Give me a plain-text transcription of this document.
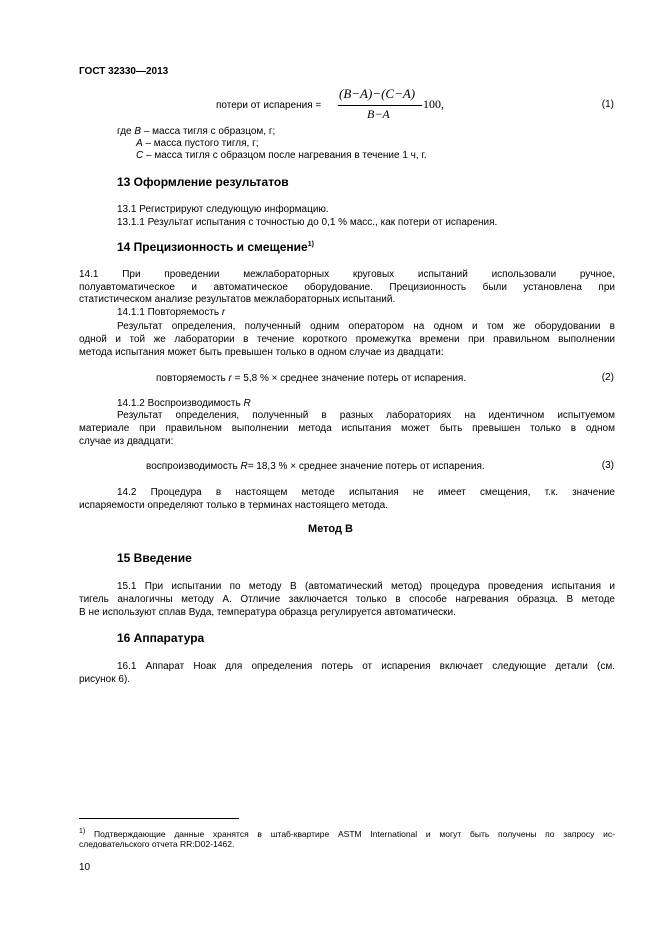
ГОСТ 32330—2013
потери от испарения =
(B−A)−(C−A)
B−A
100,	(1)
где B – масса тигля с образцом, г;
A – масса пустого тигля, г;
C – масса тигля с образцом после нагревания в течение 1 ч, г.
13 Оформление результатов
13.1 Регистрируют следующую информацию.
13.1.1 Результат испытания с точностью до 0,1 % масс., как потери от испарения.
14 Прецизионность и смещение$^{1)}$
14.1 При проведении межлабораторных круговых испытаний использовали ручное,
полуавтоматическое и автоматическое оборудование. Прецизионность были установлена при
статистическом анализе результатов межлабораторных испытаний.
14.1.1 Повторяемость r
Результат определения, полученный одним оператором на одном и том же оборудовании в
одной и той же лаборатории в течение короткого промежутка времени при правильном выполнении
метода испытания может быть превышен только в одном случае из двадцати:
повторяемость r = 5,8 % × среднее значение потерь от испарения.	(2)
14.1.2 Воспроизводимость R
Результат определения, полученный в разных лабораториях на идентичном испытуемом
материале при правильном выполнении метода испытания может быть превышен только в одном
случае из двадцати:
воспроизводимость R= 18,3 % × среднее значение потерь от испарения.	(3)
14.2 Процедура в настоящем методе испытания не имеет смещения, т.к. значение
испаряемости определяют только в терминах настоящего метода.
Метод В
15 Введение
15.1 При испытании по методу В (автоматический метод) процедура проведения испытания и
тигель аналогичны методу А. Отличие заключается только в способе нагревания образца. В методе
В не используют сплав Вуда, температура образца регулируется автоматически.
16 Аппаратура
16.1 Аппарат Ноак для определения потерь от испарения включает следующие детали (см.
рисунок 6).
$^{1)}$ Подтверждающие данные хранятся в штаб-квартире ASTM International и могут быть получены по запросу ис-
следовательского отчета RR:D02-1462.
10
